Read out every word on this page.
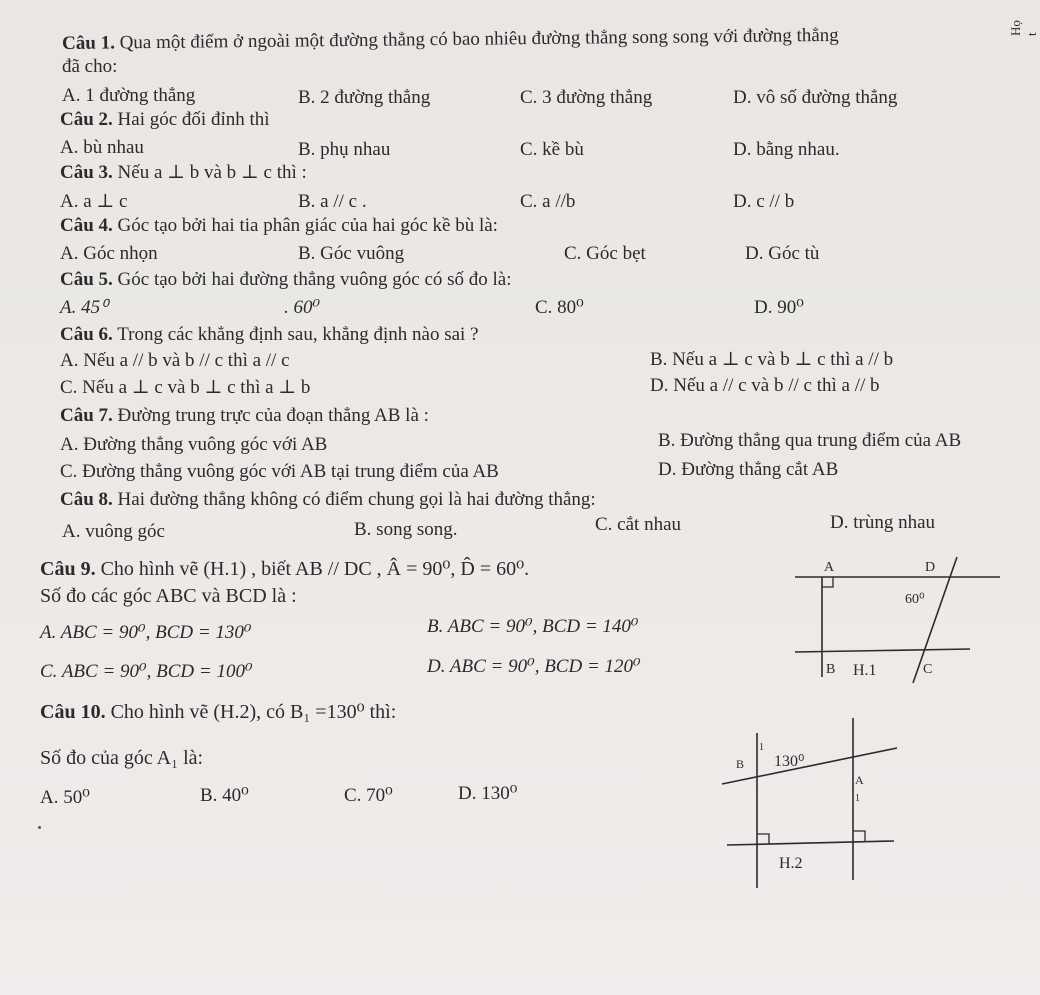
Họ t
Câu 1. Qua một điểm ở ngoài một đường thẳng có bao nhiêu đường thẳng song song với đường thẳng
đã cho:
A. 1 đường thẳng	B. 2 đường thẳng	C. 3 đường thẳng	D. vô số đường thẳng
Câu 2. Hai góc đối đỉnh thì
A. bù nhau	B. phụ nhau	C. kề bù	D. bằng nhau.
Câu 3. Nếu a ⊥ b và b ⊥ c thì :
A. a ⊥ c	B. a // c .	C. a //b	D. c // b
Câu 4. Góc tạo bởi hai tia phân giác của hai góc kề bù là:
A. Góc nhọn	B. Góc vuông	C. Góc bẹt	D. Góc tù
Câu 5. Góc tạo bởi hai đường thẳng vuông góc có số đo là:
A. 45⁰	. 60⁰	C. 80⁰	D. 90⁰
Câu 6. Trong các khẳng định sau, khẳng định nào sai ?
A. Nếu a // b và b // c thì a // c	B. Nếu a ⊥ c và b ⊥ c thì a // b
C. Nếu a ⊥ c và b ⊥ c thì a ⊥ b	D. Nếu a // c và b // c thì a // b
Câu 7. Đường trung trực của đoạn thẳng AB là :
A. Đường thẳng vuông góc với AB	B. Đường thẳng qua trung điểm của AB
C. Đường thẳng vuông góc với AB tại trung điểm của AB	D. Đường thẳng cắt AB
Câu 8. Hai đường thẳng không có điểm chung gọi là hai đường thẳng:
A. vuông góc	B. song song.	C. cắt nhau	D. trùng nhau
Câu 9. Cho hình vẽ (H.1) , biết AB // DC , Â = 90⁰, D̂ = 60⁰.
Số đo các góc ABC và BCD là :
A. ABC = 90⁰, BCD = 130⁰	B. ABC = 90⁰, BCD = 140⁰
C. ABC = 90⁰, BCD = 100⁰	D. ABC = 90⁰, BCD = 120⁰
A	D
60⁰
B H.1	C
Câu 10. Cho hình vẽ (H.2), có B₁ =130⁰ thì:
Số đo của góc A₁ là:
A. 50⁰	B. 40⁰	C. 70⁰	D. 130⁰
B
1
130⁰
A
1
H.2
